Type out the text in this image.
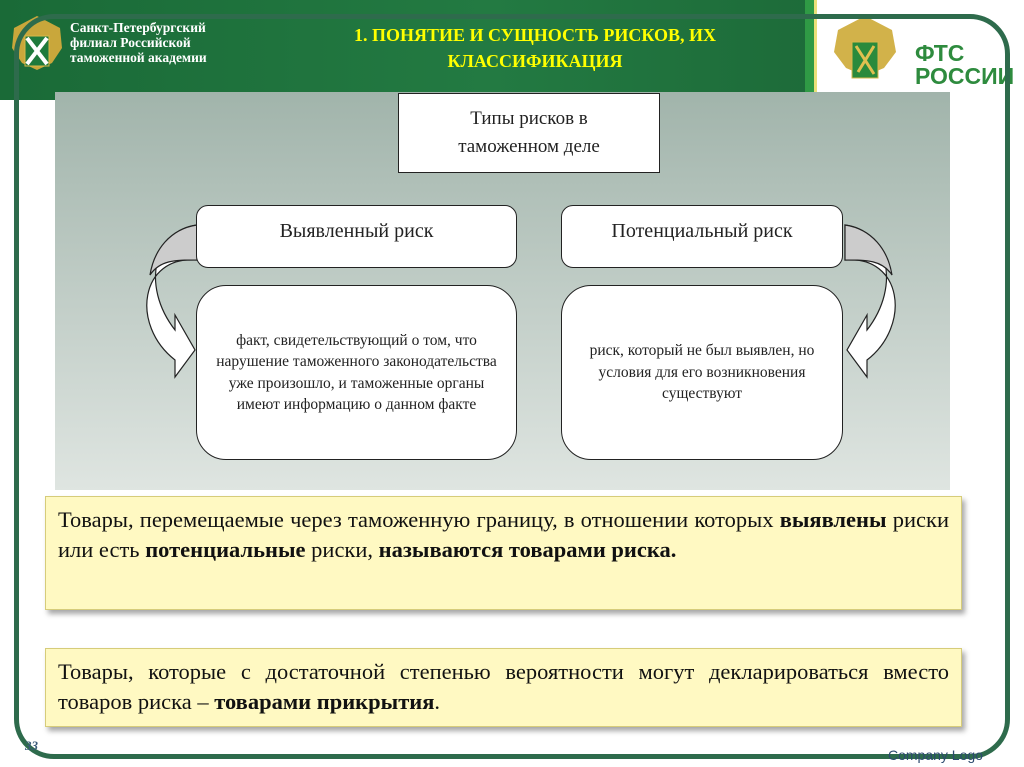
Санкт-Петербургский
филиал Российской
таможенной академии
1. ПОНЯТИЕ И СУЩНОСТЬ РИСКОВ, ИХ
КЛАССИФИКАЦИЯ	ФТС
РОССИИ
Типы рисков в
таможенном деле
Выявленный риск	Потенциальный риск
факт, свидетельствующий о том, что нарушение таможенного законодательства уже произошло, и таможенные органы имеют информацию о данном факте
риск, который не был выявлен, но условия для его возникновения существуют
Товары, перемещаемые через таможенную границу, в отношении которых выявлены риски или есть потенциальные риски, называются товарами риска.
Товары, которые с достаточной степенью вероятности могут декларироваться вместо товаров риска – товарами прикрытия.
33
Company Logo
